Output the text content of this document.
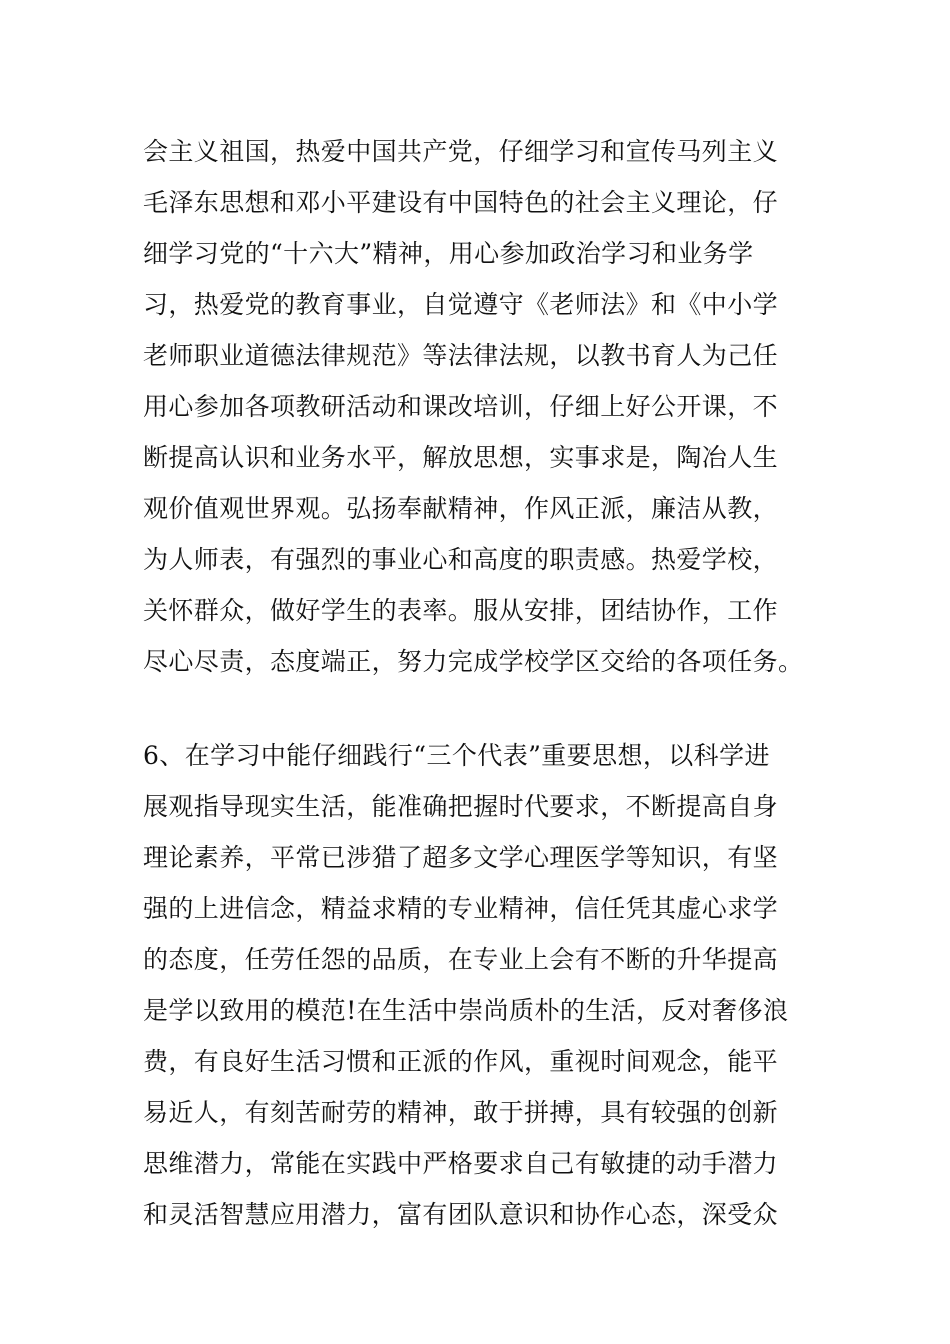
会主义祖国，热爱中国共产党，仔细学习和宣传马列主义
毛泽东思想和邓小平建设有中国特色的社会主义理论，仔
细学习党的“十六大”精神，用心参加政治学习和业务学
习，热爱党的教育事业，自觉遵守《老师法》和《中小学
老师职业道德法律规范》等法律法规，以教书育人为己任
用心参加各项教研活动和课改培训，仔细上好公开课，不
断提高认识和业务水平，解放思想，实事求是，陶冶人生
观价值观世界观。弘扬奉献精神，作风正派，廉洁从教，
为人师表，有强烈的事业心和高度的职责感。热爱学校，
关怀群众，做好学生的表率。服从安排，团结协作，工作
尽心尽责，态度端正，努力完成学校学区交给的各项任务。
6、在学习中能仔细践行“三个代表”重要思想，以科学进
展观指导现实生活，能准确把握时代要求，不断提高自身
理论素养，平常已涉猎了超多文学心理医学等知识，有坚
强的上进信念，精益求精的专业精神，信任凭其虚心求学
的态度，任劳任怨的品质，在专业上会有不断的升华提高
是学以致用的模范!在生活中崇尚质朴的生活，反对奢侈浪
费，有良好生活习惯和正派的作风，重视时间观念，能平
易近人，有刻苦耐劳的精神，敢于拼搏，具有较强的创新
思维潜力，常能在实践中严格要求自己有敏捷的动手潜力
和灵活智慧应用潜力，富有团队意识和协作心态，深受众
